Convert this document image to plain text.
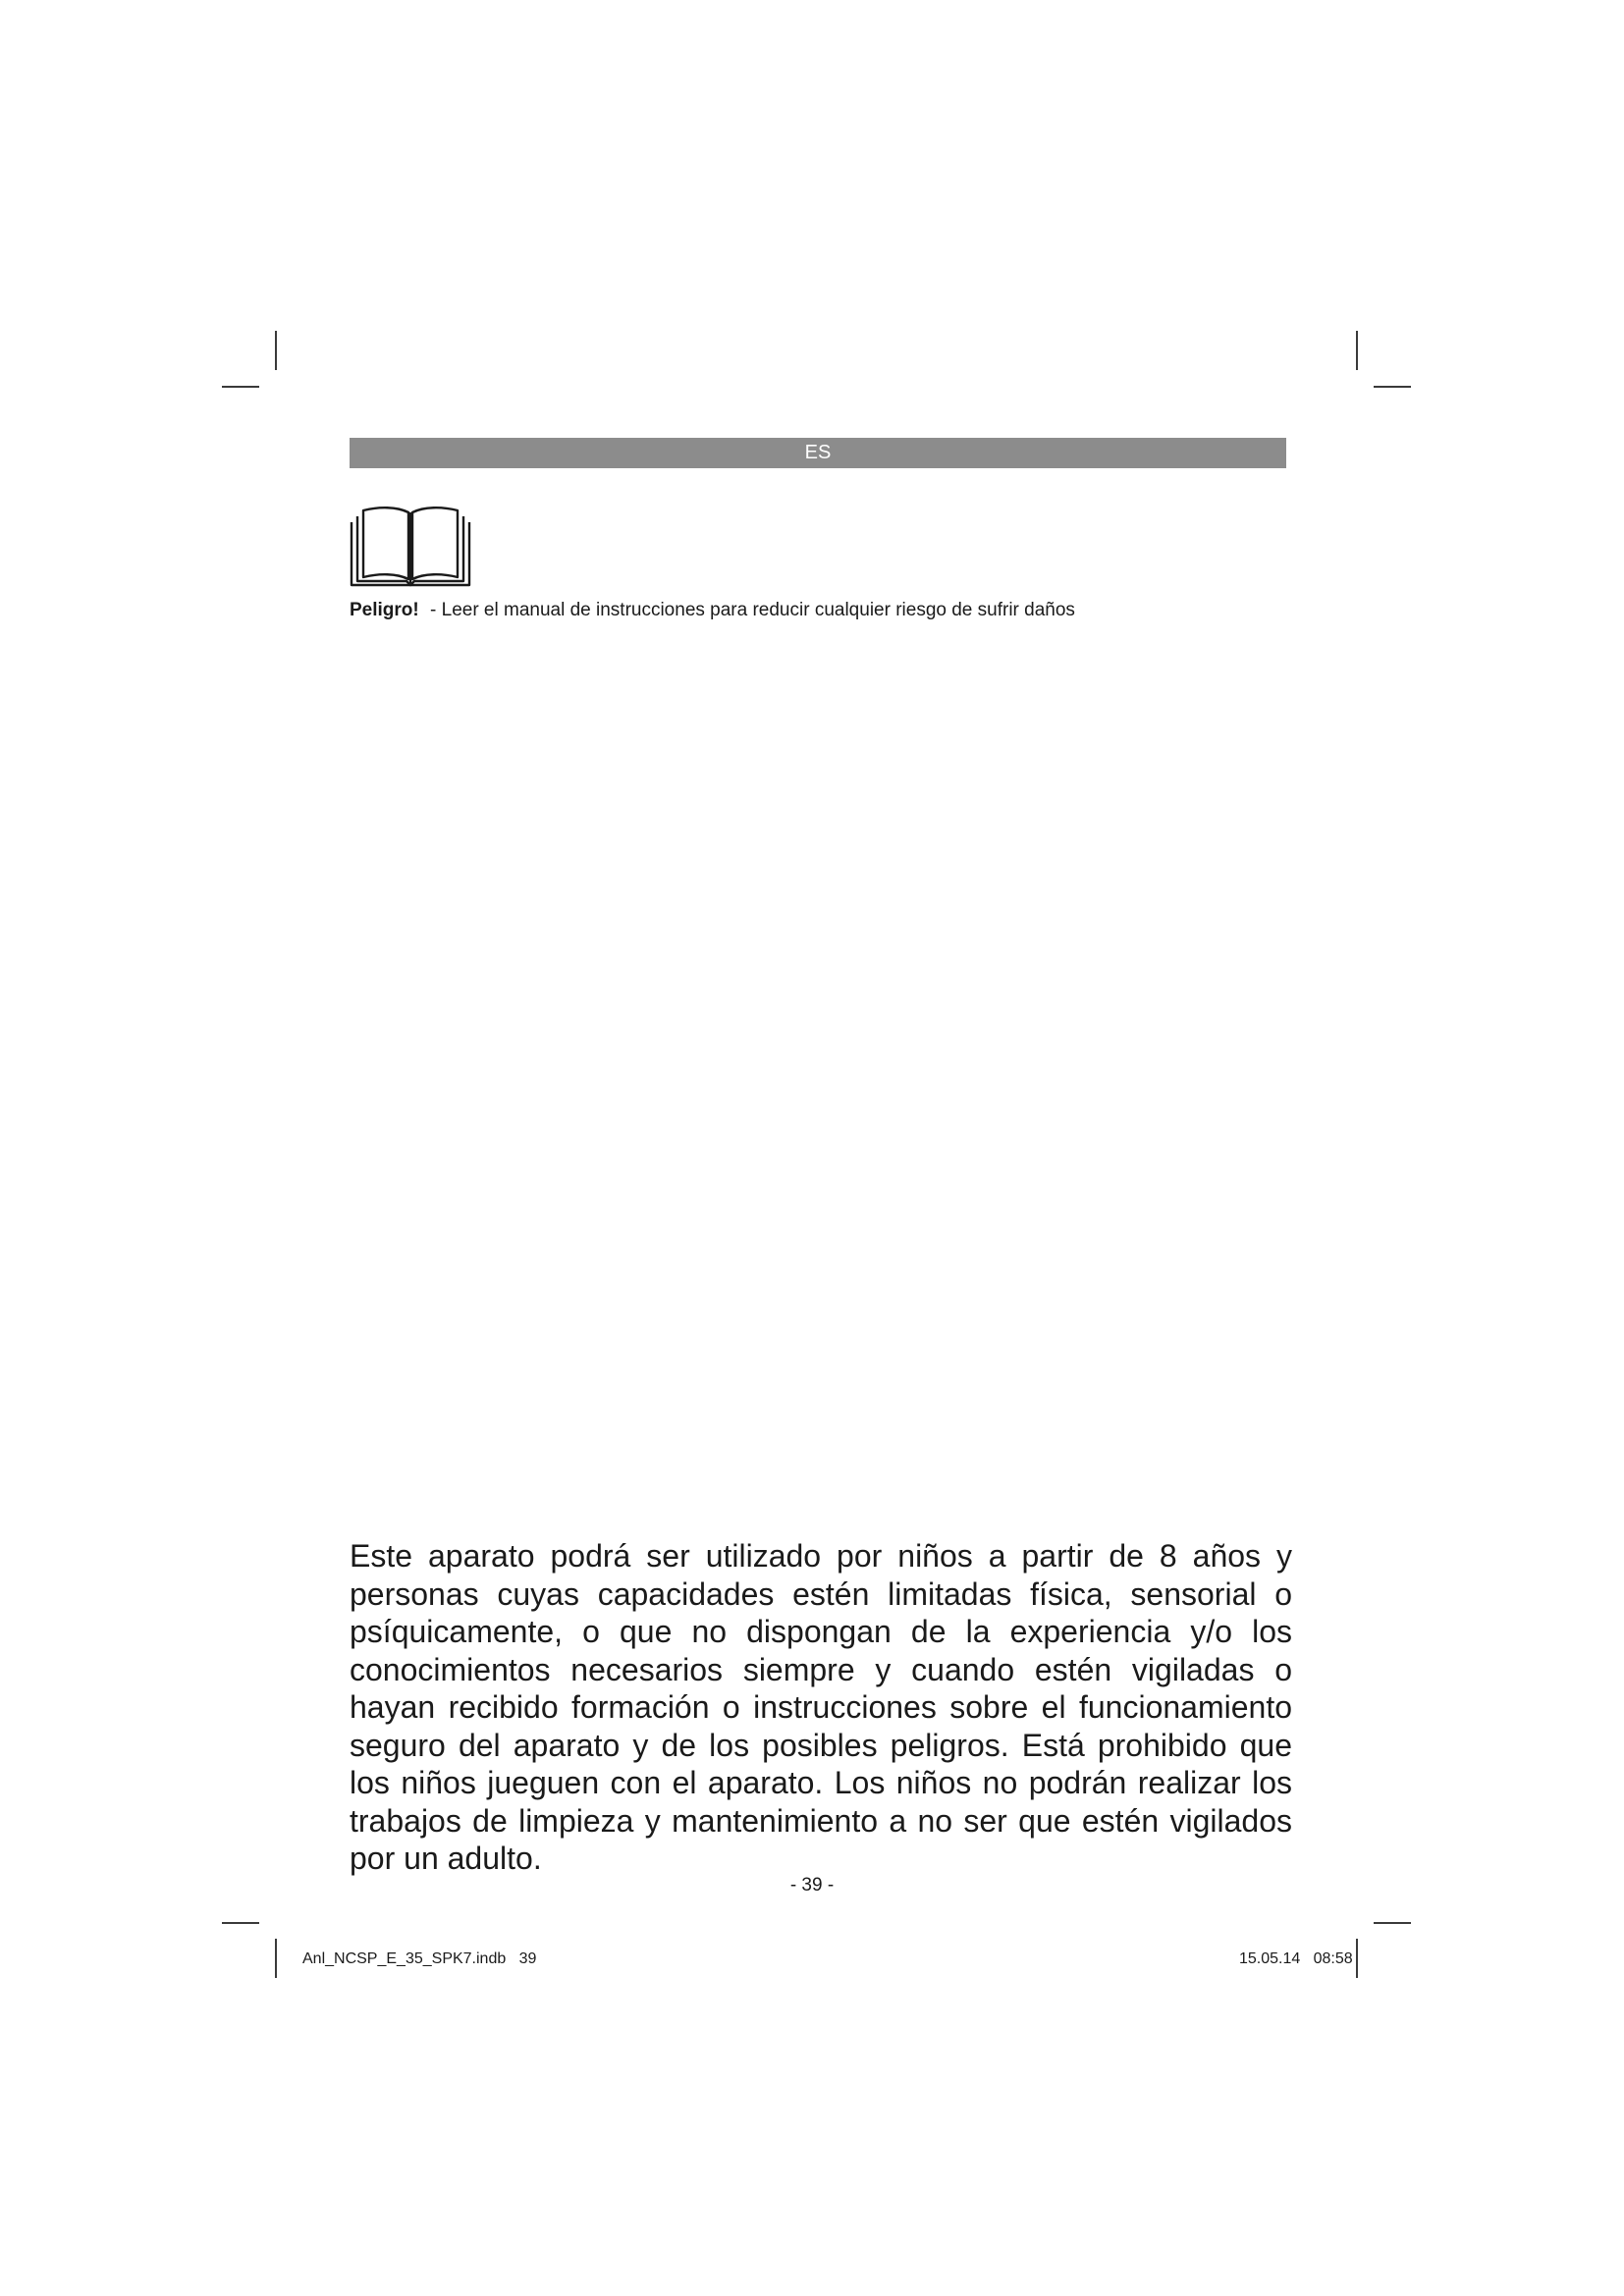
ES
Peligro! - Leer el manual de instrucciones para reducir cualquier riesgo de sufrir daños

Este aparato podrá ser utilizado por niños a partir de 8 años y personas cuyas capacidades estén limitadas física, sensorial o psíquicamente, o que no dispongan de la experiencia y/o los conocimientos necesarios siempre y cuando estén vigiladas o hayan recibido formación o instrucciones sobre el funcionamiento seguro del aparato y de los posibles peligros. Está prohibido que los niños jueguen con el aparato. Los niños no podrán realizar los trabajos de limpieza y mantenimiento a no ser que estén vigilados por un adulto.

- 39 -
Anl_NCSP_E_35_SPK7.indb   39	15.05.14   08:58
